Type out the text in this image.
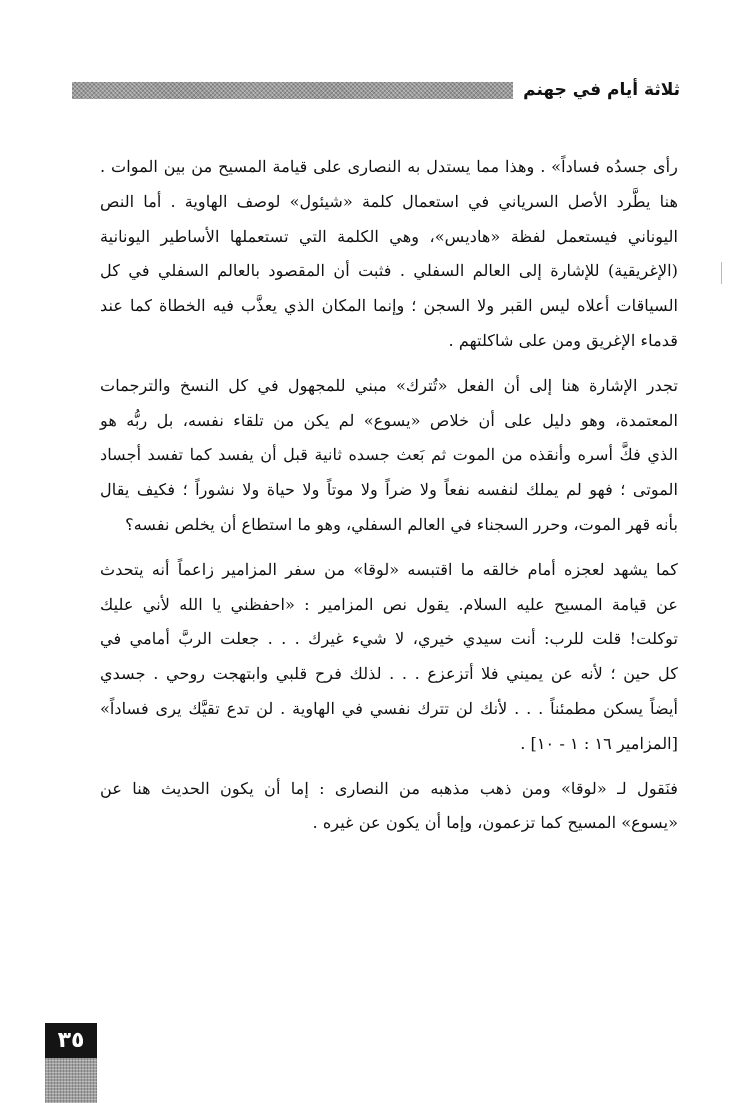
ثلاثة أيام في جهنم

رأى جسدُه فساداً» . وهذا مما يستدل به النصارى على قيامة المسيح من بين الموات .
هنا يطَّرد الأصل السرياني في استعمال كلمة «شيئول» لوصف الهاوية . أما النص
اليوناني فيستعمل لفظة «هاديس»، وهي الكلمة التي تستعملها الأساطير اليونانية
(الإغريقية) للإشارة إلى العالم السفلي . فثبت أن المقصود بالعالم السفلي في كل
السياقات أعلاه ليس القبر ولا السجن ؛ وإنما المكان الذي يعذَّب فيه الخطاة كما عند
قدماء الإغريق ومن على شاكلتهم .

تجدر الإشارة هنا إلى أن الفعل «تُترك» مبني للمجهول في كل النسخ والترجمات
المعتمدة، وهو دليل على أن خلاص «يسوع» لم يكن من تلقاء نفسه، بل ربُّه هو
الذي فكَّ أسره وأنقذه من الموت ثم بَعث جسده ثانية قبل أن يفسد كما تفسد أجساد
الموتى ؛ فهو لم يملك لنفسه نفعاً ولا ضراً ولا موتاً ولا حياة ولا نشوراً ؛ فكيف يقال
بأنه قهر الموت، وحرر السجناء في العالم السفلي، وهو ما استطاع أن يخلص نفسه؟

كما يشهد لعجزه أمام خالقه ما اقتبسه «لوقا» من سفر المزامير زاعماً أنه يتحدث
عن قيامة المسيح عليه السلام. يقول نص المزامير : «احفظني يا الله لأني عليك
توكلت! قلت للرب: أنت سيدي خيري، لا شيء غيرك . . . جعلت الربَّ أمامي في
كل حين ؛ لأنه عن يميني فلا أتزعزع . . . لذلك فرح قلبي وابتهجت روحي . جسدي
أيضاً يسكن مطمئناً . . . لأنك لن تترك نفسي في الهاوية . لن تدع تقيَّك يرى فساداً»
[المزامير ١٦ : ١ - ١٠] .

فنَقول لـ «لوقا» ومن ذهب مذهبه من النصارى : إما أن يكون الحديث هنا عن
«يسوع» المسيح كما تزعمون، وإما أن يكون عن غيره .

٣٥
